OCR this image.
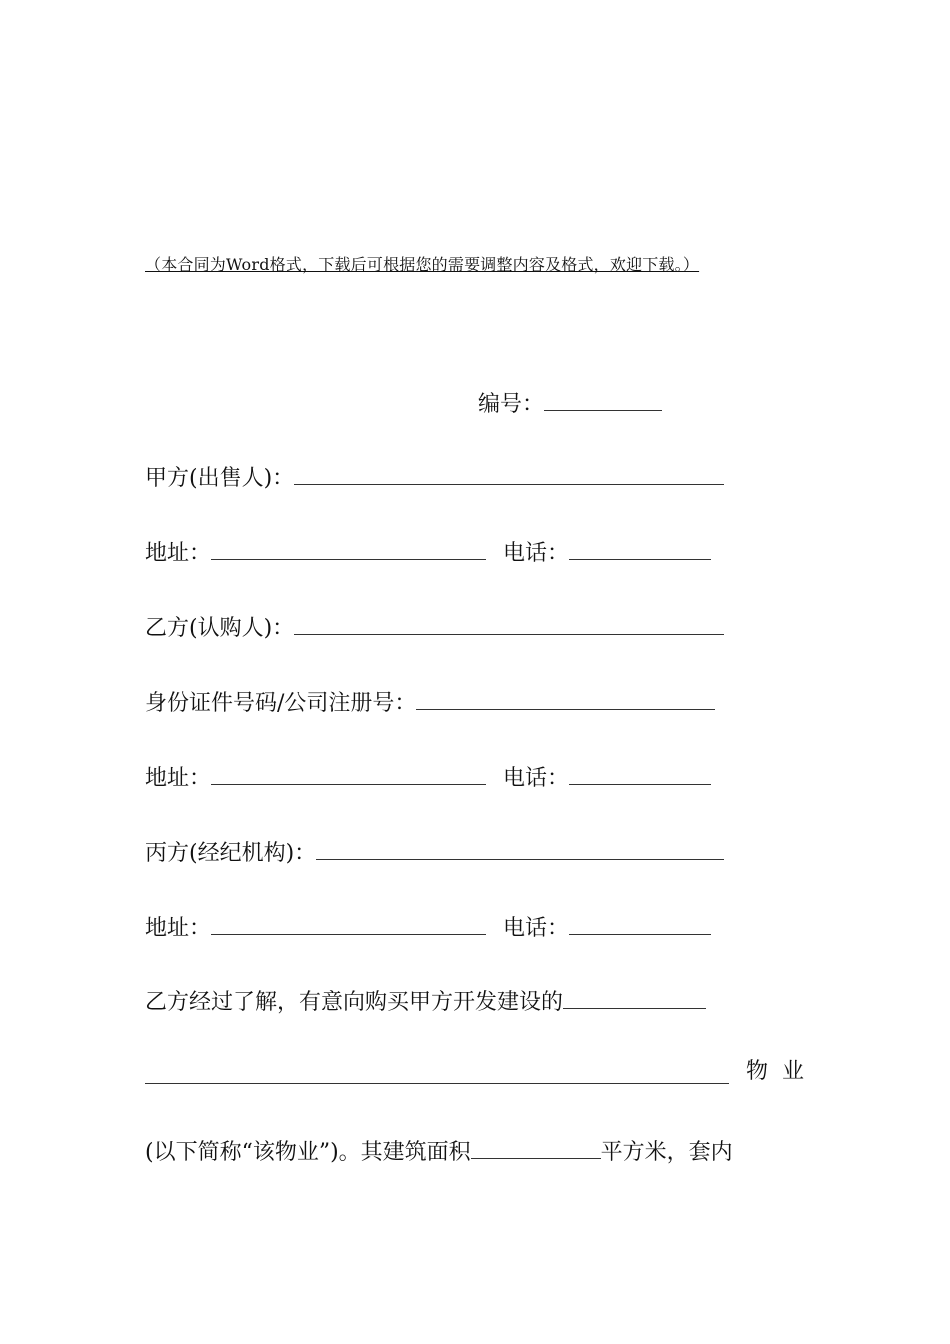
（本合同为Word格式，下载后可根据您的需要调整内容及格式，欢迎下载。）
编号：
甲方(出售人)：
地址：	电话：
乙方(认购人)：
身份证件号码/公司注册号：
地址：	电话：
丙方(经纪机构)：
地址：	电话：
乙方经过了解，有意向购买甲方开发建设的
物业
(以下简称“该物业”)。其建筑面积	平方米，套内
